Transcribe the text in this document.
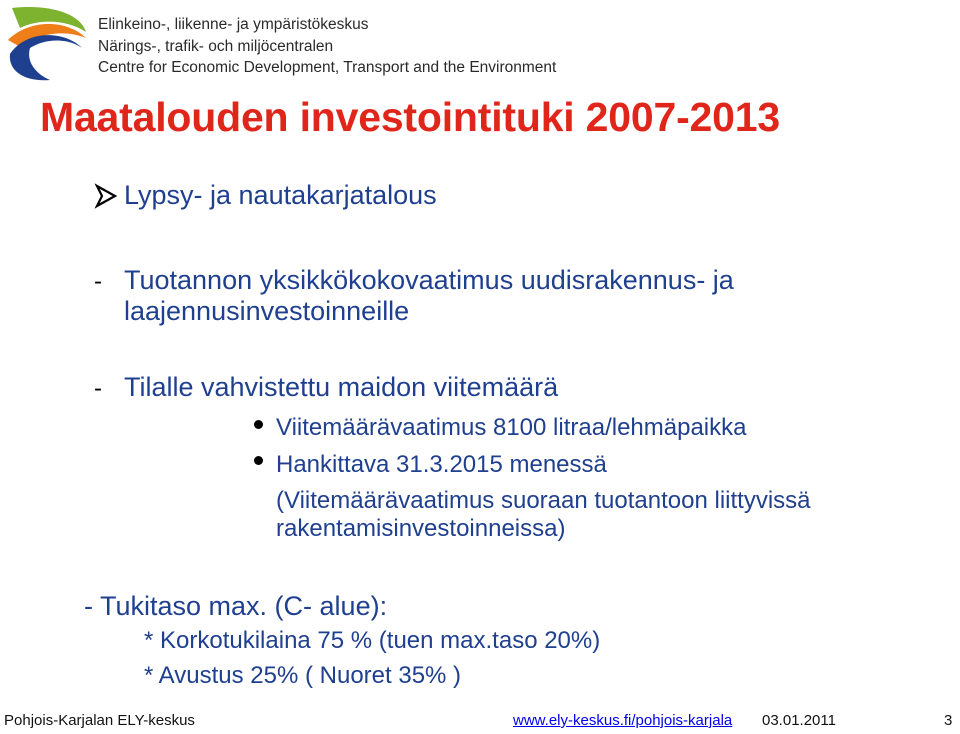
Elinkeino-, liikenne- ja ympäristökeskus
Närings-, trafik- och miljöcentralen
Centre for Economic Development, Transport and the Environment
Maatalouden investointituki 2007-2013
Lypsy- ja nautakarjatalous
- Tuotannon yksikkökokovaatimus uudisrakennus- ja
laajennusinvestoinneille
- Tilalle vahvistettu maidon viitemäärä
Viitemäärävaatimus 8100 litraa/lehmäpaikka
Hankittava 31.3.2015 menessä
(Viitemäärävaatimus suoraan tuotantoon liittyvissä
rakentamisinvestoinneissa)
- Tukitaso max. (C- alue):
* Korkotukilaina 75 % (tuen max.taso 20%)
* Avustus 25% ( Nuoret 35% )
Pohjois-Karjalan ELY-keskus	www.ely-keskus.fi/pohjois-karjala 03.01.2011	3
